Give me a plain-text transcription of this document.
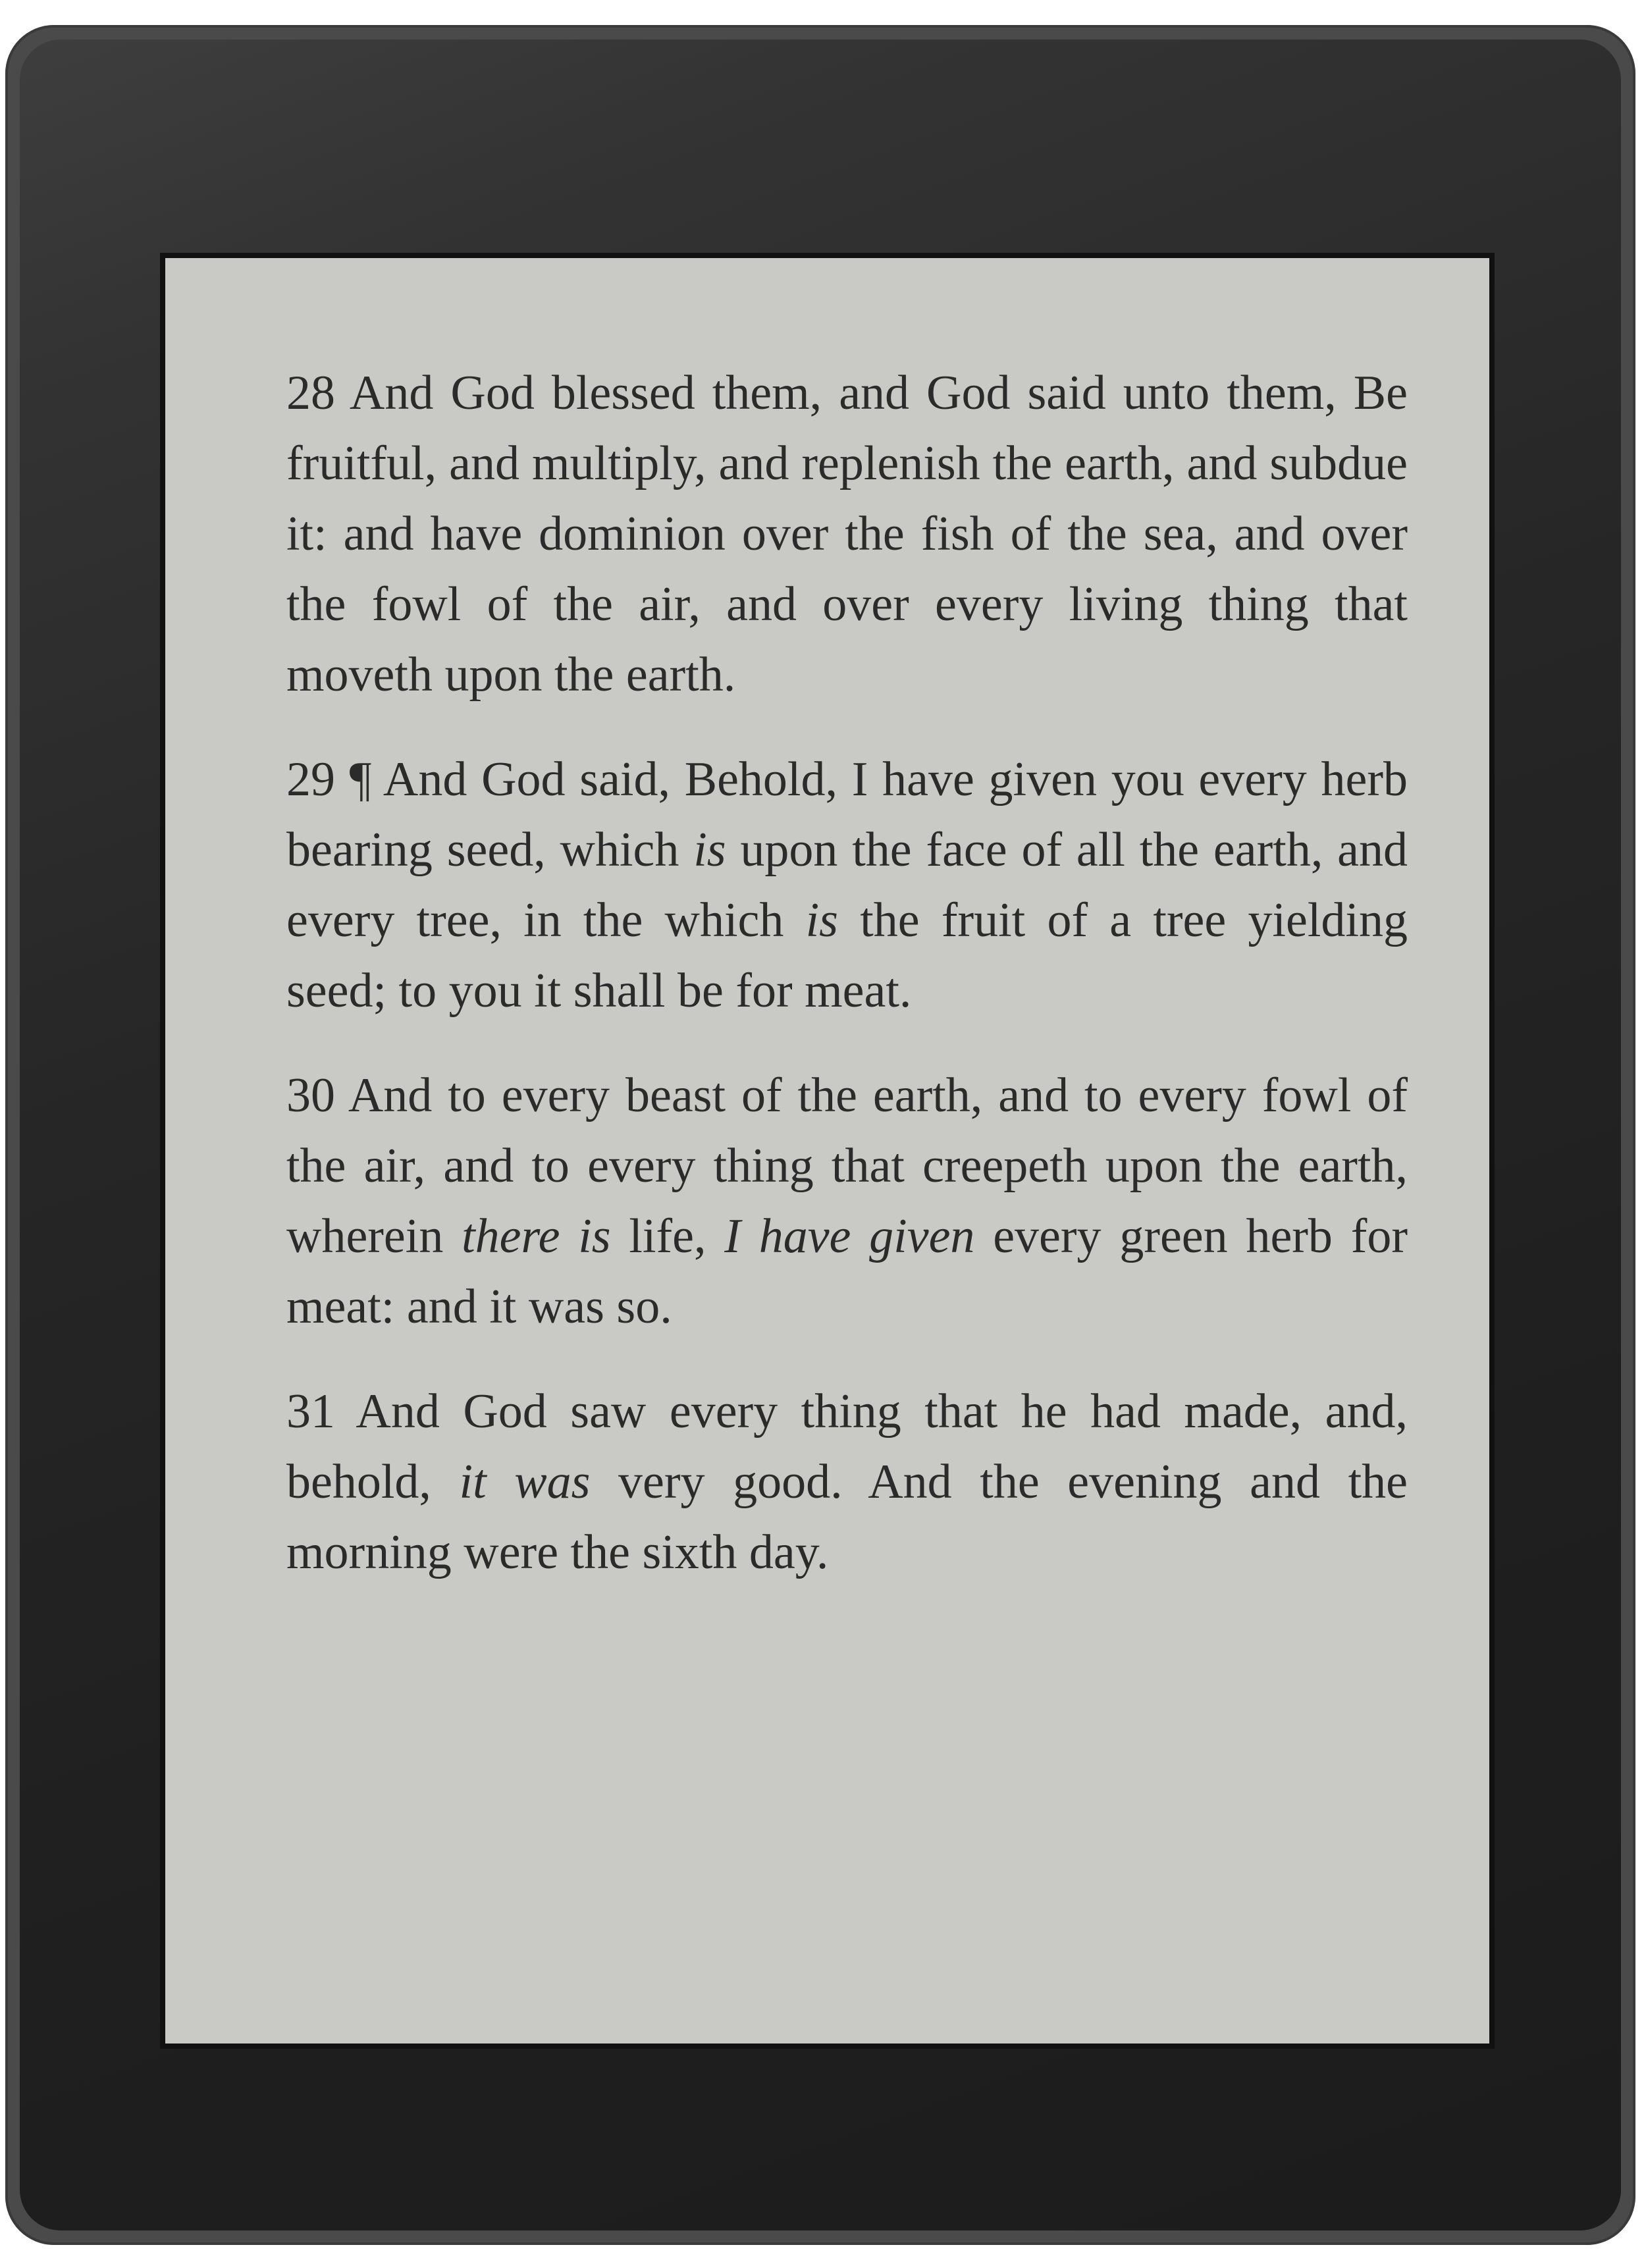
28 And God blessed them, and God said unto them, Be fruitful, and multiply, and replenish the earth, and subdue it: and have dominion over the fish of the sea, and over the fowl of the air, and over every living thing that moveth upon the earth.

29 ¶ And God said, Behold, I have given you every herb bearing seed, which is upon the face of all the earth, and every tree, in the which is the fruit of a tree yielding seed; to you it shall be for meat.

30 And to every beast of the earth, and to every fowl of the air, and to every thing that creepeth upon the earth, wherein there is life, I have given every green herb for meat: and it was so.

31 And God saw every thing that he had made, and, behold, it was very good. And the evening and the morning were the sixth day.
